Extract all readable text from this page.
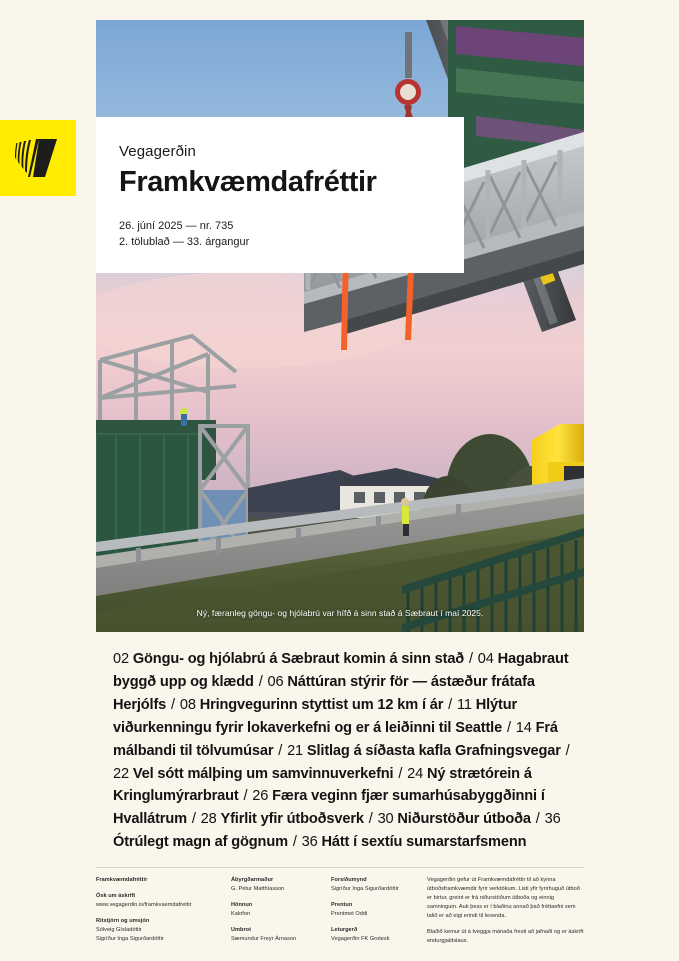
Ný, færanleg göngu- og hjólabrú var hífð á sinn stað á Sæbraut í maí 2025.

Vegagerðin

Framkvæmdafréttir

26. júní 2025 — nr. 735
2. tölublað — 33. árgangur

02 Göngu- og hjólabrú á Sæbraut komin á sinn stað / 04 Hagabraut byggð upp og klædd / 06 Náttúran stýrir för — ástæður frátafa Herjólfs / 08 Hringvegurinn styttist um 12 km í ár / 11 Hlýtur viðurkenningu fyrir lokaverkefni og er á leiðinni til Seattle / 14 Frá málbandi til tölvumúsar / 21 Slitlag á síðasta kafla Grafningsvegar / 22 Vel sótt málþing um samvinnuverkefni / 24 Ný strætórein á Kringlumýrarbraut / 26 Færa veginn fjær sumarhúsabyggðinni í Hvallátrum / 28 Yfirlit yfir útboðsverk / 30 Niðurstöður útboða / 36 Ótrúlegt magn af gögnum / 36 Hátt í sextíu sumarstarfsmenn
Framkvæmdafréttir
Ósk um áskrift
www.vegagerdin.is/framkvaemdafrettir
Ritstjórn og umsjón
Sólveig Gísladóttir
Sigríður Inga Sigurðardóttir
Ábyrgðarmaður
G. Pétur Matthíasson
Hönnun
Kalofon
Umbrot
Sæmundur Freyr Árnason
Forsíðumynd
Sigríður Inga Sigurðardóttir
Prentun
Prentmet Oddi
Leturgerð
Vegagerðin FK Grotesk

Vegagerðin gefur út Framkvæmdafréttir til að kynna útboðsframkvæmdir fyrir verktökum. Listi yfir fyrirhuguð útboð er birtur, greint er frá niðurstöðum útboða og einnig samningum. Auk þess er í blaðinu annað það fréttaefni sem talið er að eigi erindi til lesenda.

Blaðið kemur út á tveggja mánaða fresti að jafnaði og er áskrift endurgjaldslaus.
